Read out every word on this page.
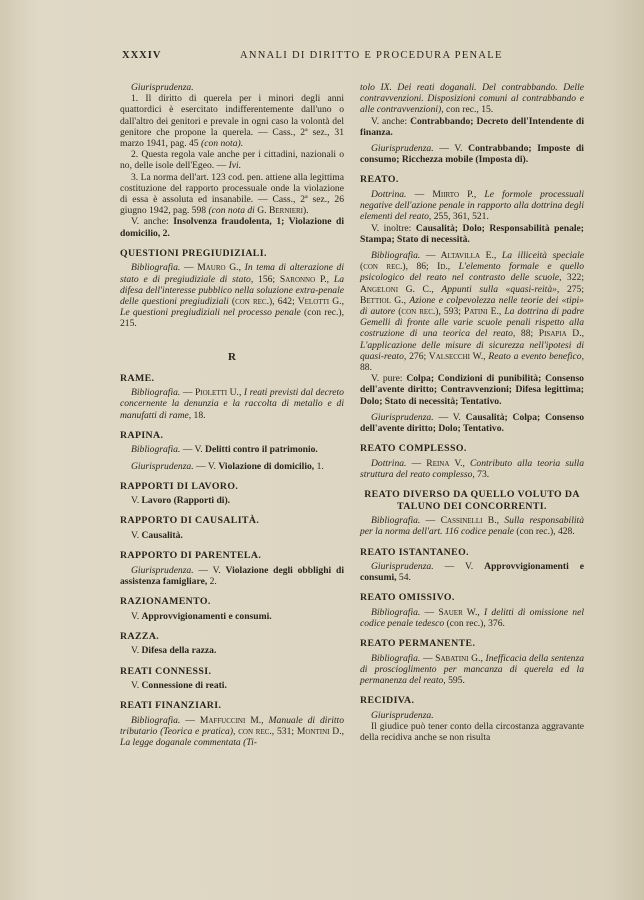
XXXIV	ANNALI DI DIRITTO E PROCEDURA PENALE

Giurisprudenza.

1. Il diritto di querela per i minori degli anni quattordici è esercitato indifferentemente dall'uno o dall'altro dei genitori e prevale in ogni caso la volontà del genitore che propone la querela. — Cass., 2ª sez., 31 marzo 1941, pag. 45 (con nota).

2. Questa regola vale anche per i cittadini, nazionali o no, delle isole dell'Egeo. — Ivi.

3. La norma dell'art. 123 cod. pen. attiene alla legittima costituzione del rapporto processuale onde la violazione di essa è assoluta ed insanabile. — Cass., 2ª sez., 26 giugno 1942, pag. 598 (con nota di G. Bernieri).

V. anche: Insolvenza fraudolenta, 1; Violazione di domicilio, 2.

QUESTIONI PREGIUDIZIALI.

Bibliografia. — Mauro G., In tema di alterazione di stato e di pregiudiziale di stato, 156; Saronno P., La difesa dell'interesse pubblico nella soluzione extra-penale delle questioni pregiudiziali (con rec.), 642; Velotti G., Le questioni pregiudiziali nel processo penale (con rec.), 215.

R
RAME.

Bibliografia. — Pioletti U., I reati previsti dal decreto concernente la denunzia e la raccolta di metallo e di manufatti di rame, 18.

RAPINA.

Bibliografia. — V. Delitti contro il patrimonio.

Giurisprudenza. — V. Violazione di domicilio, 1.

RAPPORTI DI LAVORO.

V. Lavoro (Rapporti di).

RAPPORTO DI CAUSALITÀ.

V. Causalità.

RAPPORTO DI PARENTELA.

Giurisprudenza. — V. Violazione degli obblighi di assistenza famigliare, 2.

RAZIONAMENTO.

V. Approvvigionamenti e consumi.

RAZZA.

V. Difesa della razza.

REATI CONNESSI.

V. Connessione di reati.

REATI FINANZIARI.

Bibliografia. — Maffuccini M., Manuale di diritto tributario (Teorica e pratica), con rec., 531; Montini D., La legge doganale commentata (Ti-

tolo IX. Dei reati doganali. Del contrabbando. Delle contravvenzioni. Disposizioni comuni al contrabbando e alle contravvenzioni), con rec., 15.

V. anche: Contrabbando; Decreto dell'Intendente di finanza.

Giurisprudenza. — V. Contrabbando; Imposte di consumo; Ricchezza mobile (Imposta di).

REATO.

Dottrina. — Miirto P., Le formole processuali negative dell'azione penale in rapporto alla dottrina degli elementi del reato, 255, 361, 521.

V. inoltre: Causalità; Dolo; Responsabilità penale; Stampa; Stato di necessità.

Bibliografia. — Altavilla E., La illiceità speciale (con rec.), 86; Id., L'elemento formale e quello psicologico del reato nel contrasto delle scuole, 322; Angeloni G. C., Appunti sulla «quasi-reità», 275; Bettiol G., Azione e colpevolezza nelle teorie dei «tipi» di autore (con rec.), 593; Patini E., La dottrina di padre Gemelli di fronte alle varie scuole penali rispetto alla costruzione di una teorica del reato, 88; Pisapia D., L'applicazione delle misure di sicurezza nell'ipotesi di quasi-reato, 276; Valsecchi W., Reato a evento benefico, 88.

V. pure: Colpa; Condizioni di punibilità; Consenso dell'avente diritto; Contravvenzioni; Difesa legittima; Dolo; Stato di necessità; Tentativo.

Giurisprudenza. — V. Causalità; Colpa; Consenso dell'avente diritto; Dolo; Tentativo.

REATO COMPLESSO.

Dottrina. — Reina V., Contributo alla teoria sulla struttura del reato complesso, 73.

REATO DIVERSO DA QUELLO VOLUTO DA TALUNO DEI CONCORRENTI.

Bibliografia. — Cassinelli B., Sulla responsabilità per la norma dell'art. 116 codice penale (con rec.), 428.

REATO ISTANTANEO.

Giurisprudenza. — V. Approvvigionamenti e consumi, 54.

REATO OMISSIVO.

Bibliografia. — Sauer W., I delitti di omissione nel codice penale tedesco (con rec.), 376.

REATO PERMANENTE.

Bibliografia. — Sabatini G., Inefficacia della sentenza di proscioglimento per mancanza di querela ed la permanenza del reato, 595.

RECIDIVA.

Giurisprudenza.

Il giudice può tener conto della circostanza aggravante della recidiva anche se non risulta
